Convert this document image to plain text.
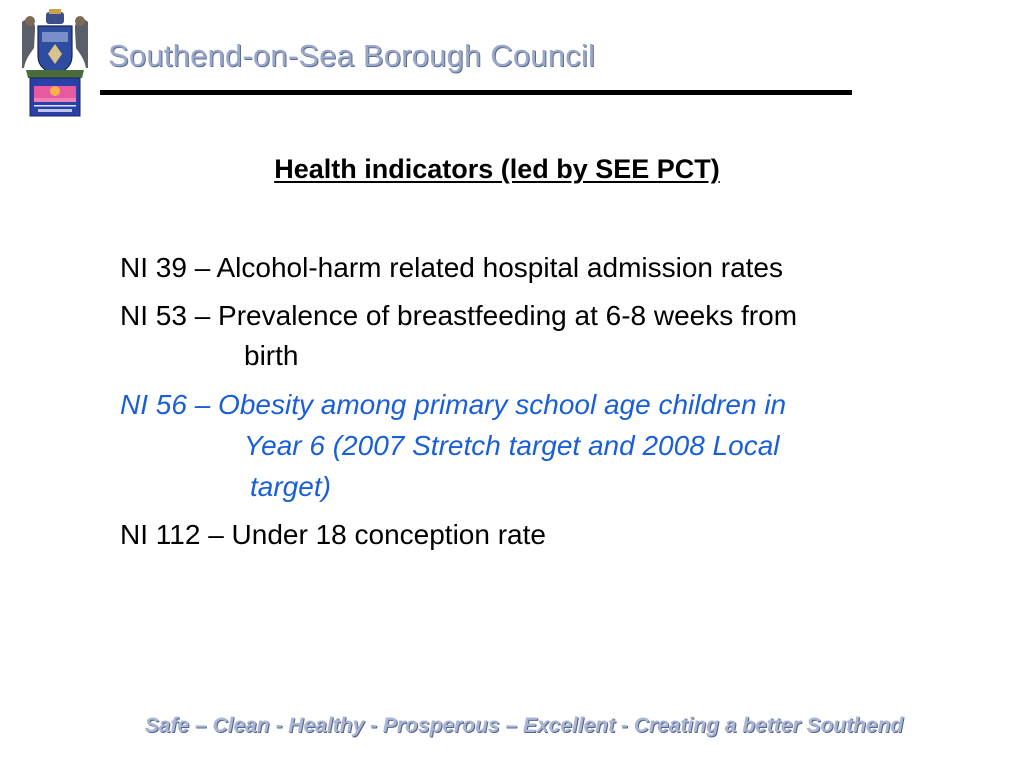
Southend-on-Sea Borough Council
Health indicators (led by SEE PCT)
NI 39 – Alcohol-harm related hospital admission rates
NI 53 – Prevalence of breastfeeding at 6-8 weeks from
birth
NI 56 – Obesity among primary school age children in
Year 6 (2007 Stretch target and 2008 Local
target)
NI 112 – Under 18 conception rate
Safe – Clean - Healthy - Prosperous – Excellent - Creating a better Southend
